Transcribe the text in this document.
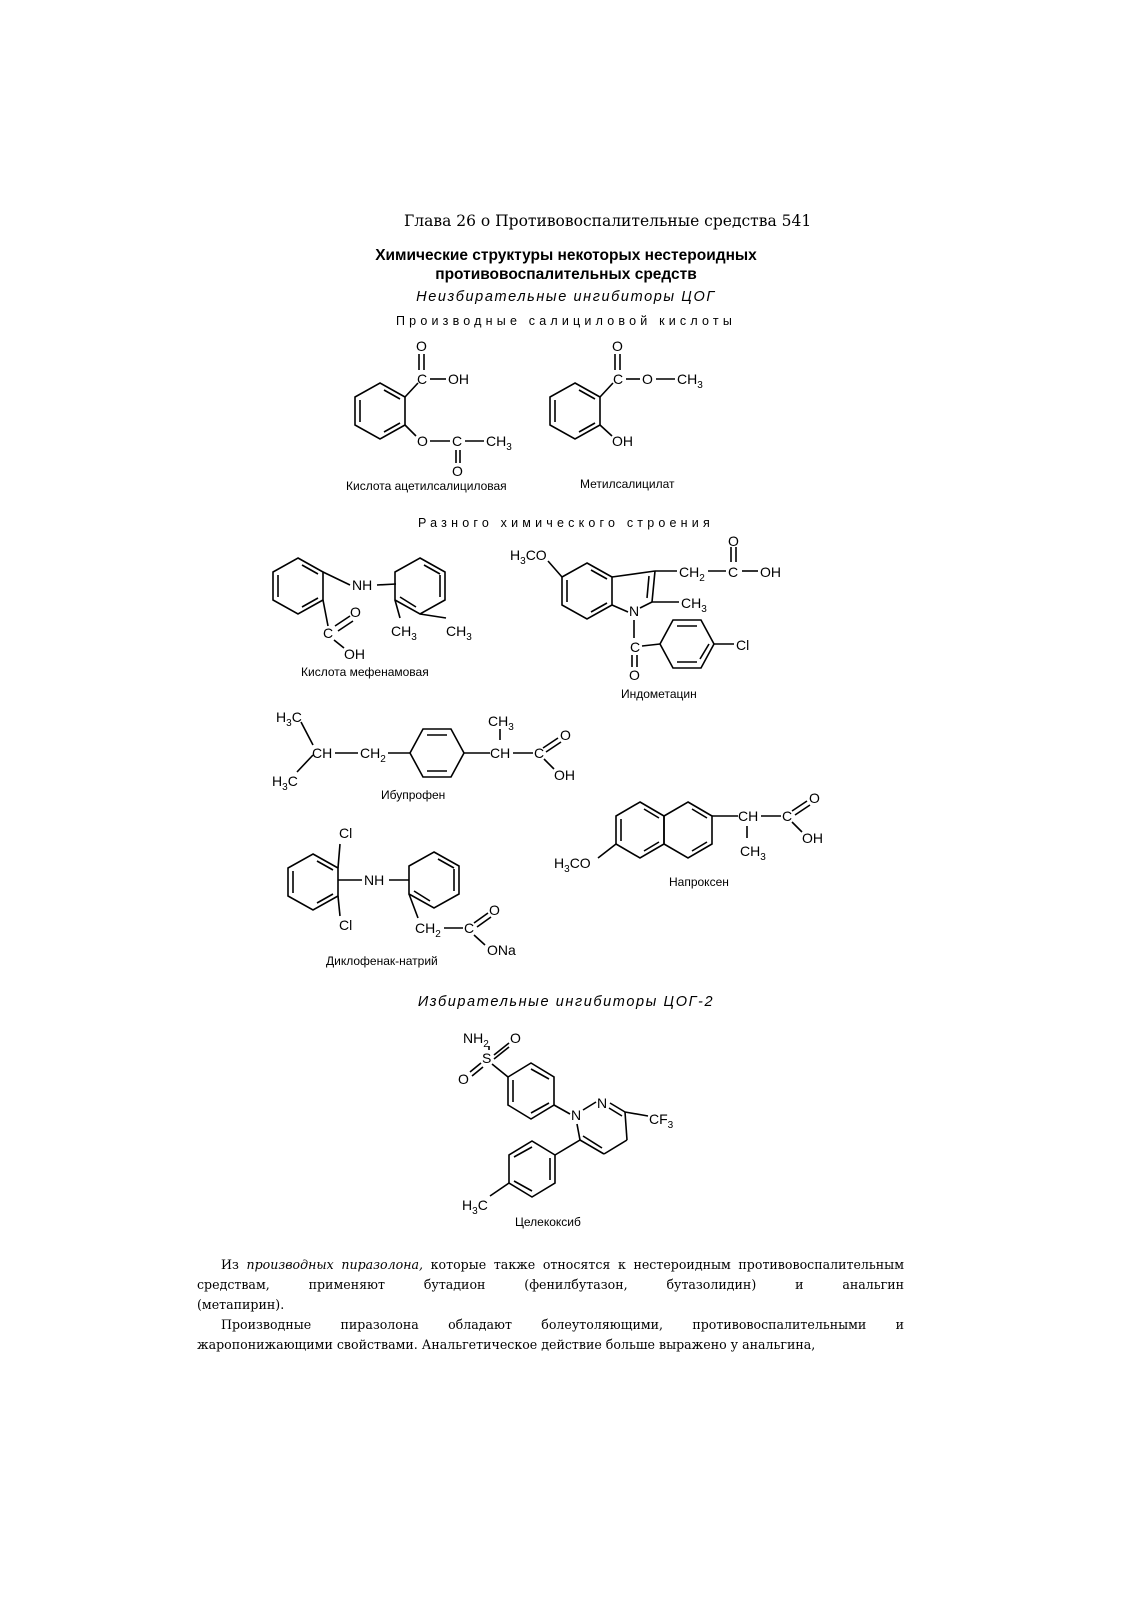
Глава 26 о Противовоспалительные средства 541
Химические структуры некоторых нестероидных
противовоспалительных средств
Неизбирательные ингибиторы ЦОГ
Производные салициловой кислоты
Разного химического строения
Избирательные ингибиторы ЦОГ-2
C
O
OH
O C
O
$CH_3$
C
O
O $CH_3$
OH
NH
$CH_3$ $CH_3$
C
O
OH
N
$H_3CO$
$CH_2$ C
O
OH
$CH_3$
C
O
Cl
$H_3C$
$H_3C$
CH $CH_2$	CH
$CH_3$
C
O
OH
$H_3CO$
CH
$CH_3$
C
O
OH
Cl
Cl
NH
$CH_2$ C
O
ONa
$NH_2$
S
O
O
N
N
$CF_3$
$H_3C$
Кислота ацетилсалициловая	Метилсалицилат
Кислота мефенамовая
Индометацин
Ибупрофен
Напроксен
Диклофенак-натрий
Целекоксиб
Из производных пиразолона, которые также относятся к нестероидным противовоспалительным средствам, применяют бутадион (фенилбутазон, бутазолидин) и анальгин
(метапирин).
Производные пиразолона обладают болеутоляющими, противовоспалительными и жаропонижающими свойствами. Анальгетическое действие больше выражено у анальгина,
